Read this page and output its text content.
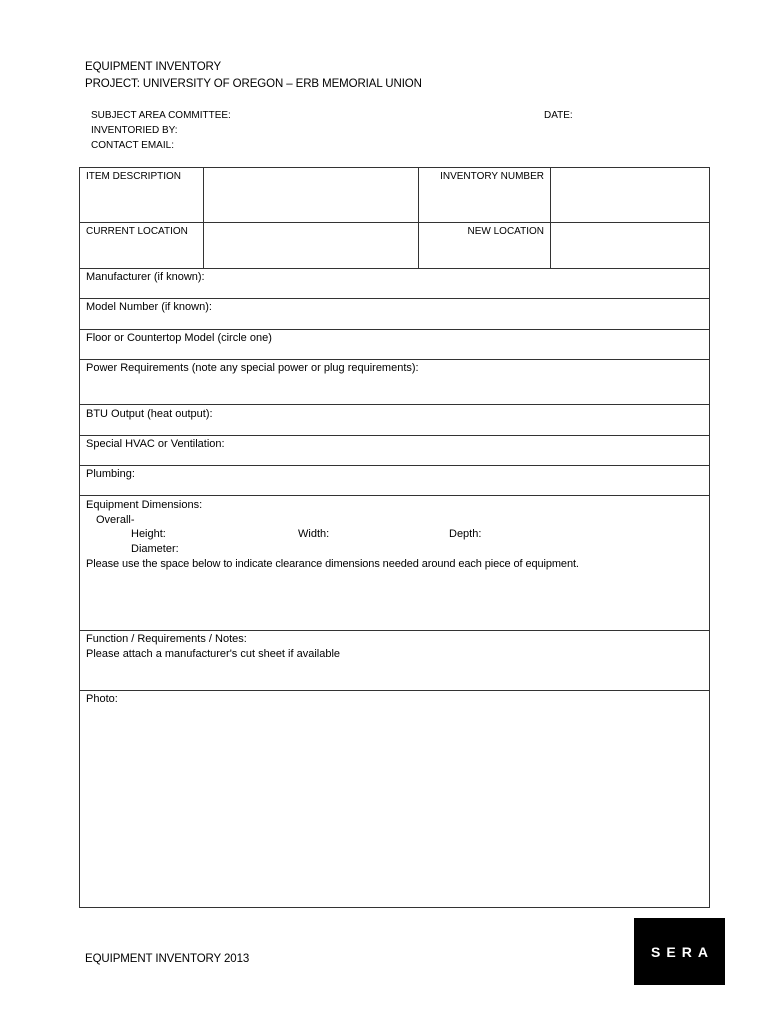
EQUIPMENT INVENTORY
PROJECT: UNIVERSITY OF OREGON – ERB MEMORIAL UNION
SUBJECT AREA COMMITTEE:
INVENTORIED BY:
CONTACT EMAIL:
DATE:
ITEM DESCRIPTION	INVENTORY NUMBER
CURRENT LOCATION	NEW LOCATION
Manufacturer (if known):
Model Number (if known):
Floor or Countertop Model (circle one)
Power Requirements (note any special power or plug requirements):
BTU Output (heat output):
Special HVAC or Ventilation:
Plumbing:
Equipment Dimensions:
Overall-
Height:	Width:	Depth:
Diameter:
Please use the space below to indicate clearance dimensions needed around each piece of equipment.
Function / Requirements / Notes:
Please attach a manufacturer's cut sheet if available
Photo:
EQUIPMENT INVENTORY 2013	SERA
